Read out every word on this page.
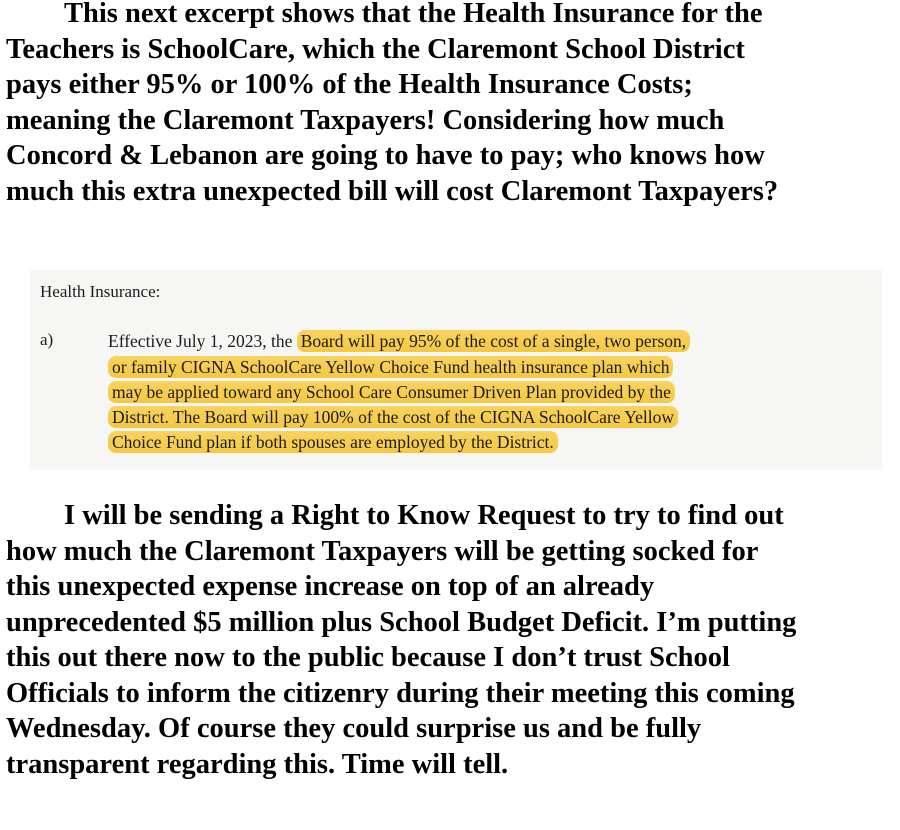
This next excerpt shows that the Health Insurance for the
Teachers is SchoolCare, which the Claremont School District
pays either 95% or 100% of the Health Insurance Costs;
meaning the Claremont Taxpayers! Considering how much
Concord & Lebanon are going to have to pay; who knows how
much this extra unexpected bill will cost Claremont Taxpayers?
Health Insurance:
a)	Effective July 1, 2023, the Board will pay 95% of the cost of a single, two person,
or family CIGNA SchoolCare Yellow Choice Fund health insurance plan which
may be applied toward any School Care Consumer Driven Plan provided by the
District. The Board will pay 100% of the cost of the CIGNA SchoolCare Yellow
Choice Fund plan if both spouses are employed by the District.
I will be sending a Right to Know Request to try to find out
how much the Claremont Taxpayers will be getting socked for
this unexpected expense increase on top of an already
unprecedented $5 million plus School Budget Deficit. I’m putting
this out there now to the public because I don’t trust School
Officials to inform the citizenry during their meeting this coming
Wednesday. Of course they could surprise us and be fully
transparent regarding this. Time will tell.
